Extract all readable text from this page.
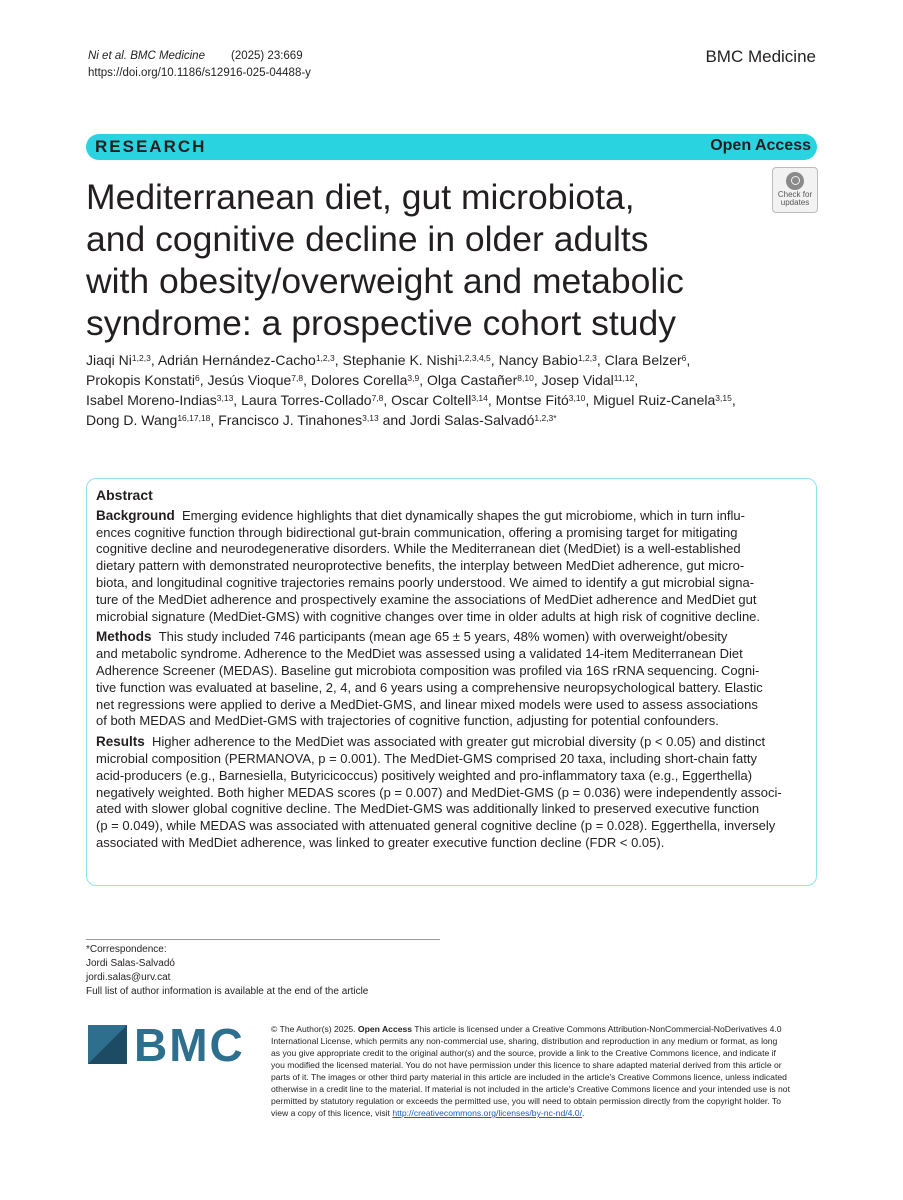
Ni et al. BMC Medicine (2025) 23:669
https://doi.org/10.1186/s12916-025-04488-y
BMC Medicine
RESEARCH	Open Access
Check for
updates
Mediterranean diet, gut microbiota,
and cognitive decline in older adults
with obesity/overweight and metabolic
syndrome: a prospective cohort study
Jiaqi Ni$^{1,2,3}$, Adrián Hernández-Cacho$^{1,2,3}$, Stephanie K. Nishi$^{1,2,3,4,5}$, Nancy Babio$^{1,2,3}$, Clara Belzer$^6$,
Prokopis Konstati$^6$, Jesús Vioque$^{7,8}$, Dolores Corella$^{3,9}$, Olga Castañer$^{8,10}$, Josep Vidal$^{11,12}$,
Isabel Moreno-Indias$^{3,13}$, Laura Torres-Collado$^{7,8}$, Oscar Coltell$^{3,14}$, Montse Fitó$^{3,10}$, Miguel Ruiz-Canela$^{3,15}$,
Dong D. Wang$^{16,17,18}$, Francisco J. Tinahones$^{3,13}$ and Jordi Salas-Salvadó$^{1,2,3*}$
Abstract
Background Emerging evidence highlights that diet dynamically shapes the gut microbiome, which in turn influ-
ences cognitive function through bidirectional gut-brain communication, offering a promising target for mitigating
cognitive decline and neurodegenerative disorders. While the Mediterranean diet (MedDiet) is a well-established
dietary pattern with demonstrated neuroprotective benefits, the interplay between MedDiet adherence, gut micro-
biota, and longitudinal cognitive trajectories remains poorly understood. We aimed to identify a gut microbial signa-
ture of the MedDiet adherence and prospectively examine the associations of MedDiet adherence and MedDiet gut
microbial signature (MedDiet-GMS) with cognitive changes over time in older adults at high risk of cognitive decline.
Methods This study included 746 participants (mean age 65 ± 5 years, 48% women) with overweight/obesity
and metabolic syndrome. Adherence to the MedDiet was assessed using a validated 14-item Mediterranean Diet
Adherence Screener (MEDAS). Baseline gut microbiota composition was profiled via 16S rRNA sequencing. Cogni-
tive function was evaluated at baseline, 2, 4, and 6 years using a comprehensive neuropsychological battery. Elastic
net regressions were applied to derive a MedDiet-GMS, and linear mixed models were used to assess associations
of both MEDAS and MedDiet-GMS with trajectories of cognitive function, adjusting for potential confounders.
Results Higher adherence to the MedDiet was associated with greater gut microbial diversity (p < 0.05) and distinct
microbial composition (PERMANOVA, p = 0.001). The MedDiet-GMS comprised 20 taxa, including short-chain fatty
acid-producers (e.g., Barnesiella, Butyricicoccus) positively weighted and pro-inflammatory taxa (e.g., Eggerthella)
negatively weighted. Both higher MEDAS scores (p = 0.007) and MedDiet-GMS (p = 0.036) were independently associ-
ated with slower global cognitive decline. The MedDiet-GMS was additionally linked to preserved executive function
(p = 0.049), while MEDAS was associated with attenuated general cognitive decline (p = 0.028). Eggerthella, inversely
associated with MedDiet adherence, was linked to greater executive function decline (FDR < 0.05).
*Correspondence:
Jordi Salas-Salvadó
jordi.salas@urv.cat
Full list of author information is available at the end of the article
BMC	© The Author(s) 2025. Open Access This article is licensed under a Creative Commons Attribution-NonCommercial-NoDerivatives 4.0
International License, which permits any non-commercial use, sharing, distribution and reproduction in any medium or format, as long
as you give appropriate credit to the original author(s) and the source, provide a link to the Creative Commons licence, and indicate if
you modified the licensed material. You do not have permission under this licence to share adapted material derived from this article or
parts of it. The images or other third party material in this article are included in the article's Creative Commons licence, unless indicated
otherwise in a credit line to the material. If material is not included in the article's Creative Commons licence and your intended use is not
permitted by statutory regulation or exceeds the permitted use, you will need to obtain permission directly from the copyright holder. To
view a copy of this licence, visit http://creativecommons.org/licenses/by-nc-nd/4.0/.
